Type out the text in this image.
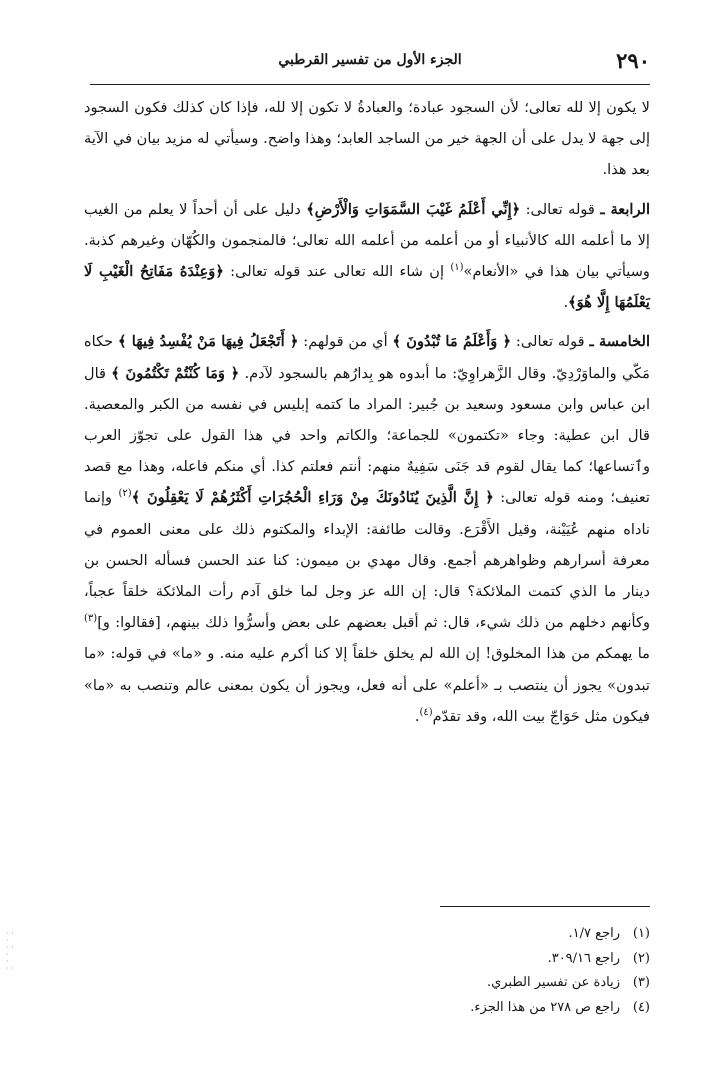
٢٩٠
الجزء الأول من تفسير القرطبي

لا يكون إلا لله تعالى؛ لأن السجود عبادة؛ والعبادةُ لا تكون إلا لله، فإذا كان كذلك فكون السجود إلى جهة لا يدل على أن الجهة خير من الساجد العابد؛ وهذا واضح. وسيأتي له مزيد بيان في الآية بعد هذا.

الرابعة ـ قوله تعالى: ﴿إِنِّي أَعْلَمُ غَيْبَ السَّمَوَاتِ وَالْأَرْضِ﴾ دليل على أن أحداً لا يعلم من الغيب إلا ما أعلمه الله كالأنبياء أو من أعلمه من أعلمه الله تعالى؛ فالمنجمون والكُهّان وغيرهم كذبة. وسيأتي بيان هذا في «الأنعام»$^{(١)}$ إن شاء الله تعالى عند قوله تعالى: ﴿وَعِنْدَهُ مَفَاتِحُ الْغَيْبِ لَا يَعْلَمُهَا إِلَّا هُوَ﴾.

الخامسة ـ قوله تعالى: ﴿ وَأَعْلَمُ مَا تُبْدُونَ ﴾ أي من قولهم: ﴿ أَتَجْعَلُ فِيهَا مَنْ يُفْسِدُ فِيهَا ﴾ حكاه مَكّي والماوَرْدِيّ. وقال الزَّهراوِيّ: ما أبدوه هو بِدارُهم بالسجود لآدم. ﴿ وَمَا كُنْتُمْ تَكْتُمُونَ ﴾ قال ابن عباس وابن مسعود وسعيد بن جُبير: المراد ما كتمه إبليس في نفسه من الكبر والمعصية. قال ابن عطية: وجاء «تكتمون» للجماعة؛ والكاتم واحد في هذا القول على تجوّز العرب وٱتساعها؛ كما يقال لقوم قد جَنَى سَفِيهٌ منهم: أنتم فعلتم كذا. أي منكم فاعله، وهذا مع قصد تعنيف؛ ومنه قوله تعالى: ﴿ إِنَّ الَّذِينَ يُنَادُونَكَ مِنْ وَرَاءِ الْحُجُرَاتِ أَكْثَرُهُمْ لَا يَعْقِلُونَ ﴾$^{(٢)}$ وإنما ناداه منهم عُيَيْنة، وقيل الأَقْرَع. وقالت طائفة: الإبداء والمكتوم ذلك على معنى العموم في معرفة أسرارهم وظواهرهم أجمع. وقال مهدي بن ميمون: كنا عند الحسن فسأله الحسن بن دينار ما الذي كتمت الملائكة؟ قال: إن الله عز وجل لما خلق آدم رأت الملائكة خلقاً عجباً، وكأنهم دخلهم من ذلك شيء، قال: ثم أقبل بعضهم على بعض وأسرُّوا ذلك بينهم، [فقالوا: و]$^{(٣)}$ ما يهمكم من هذا المخلوق! إن الله لم يخلق خلقاً إلا كنا أكرم عليه منه. و «ما» في قوله: «ما تبدون» يجوز أن ينتصب بـ «أعلم» على أنه فعل، ويجوز أن يكون بمعنى عالم وتنصب به «ما» فيكون مثل حَوَاجّ بيت الله، وقد تقدّم$^{(٤)}$.

(١)راجع ١/٧.
(٢)راجع ٣٠٩/١٦.
(٣)زيادة عن تفسير الطبري.
(٤)راجع ص ٢٧٨ من هذا الجزء.
· ·
·
· ·
·
·
· ·
